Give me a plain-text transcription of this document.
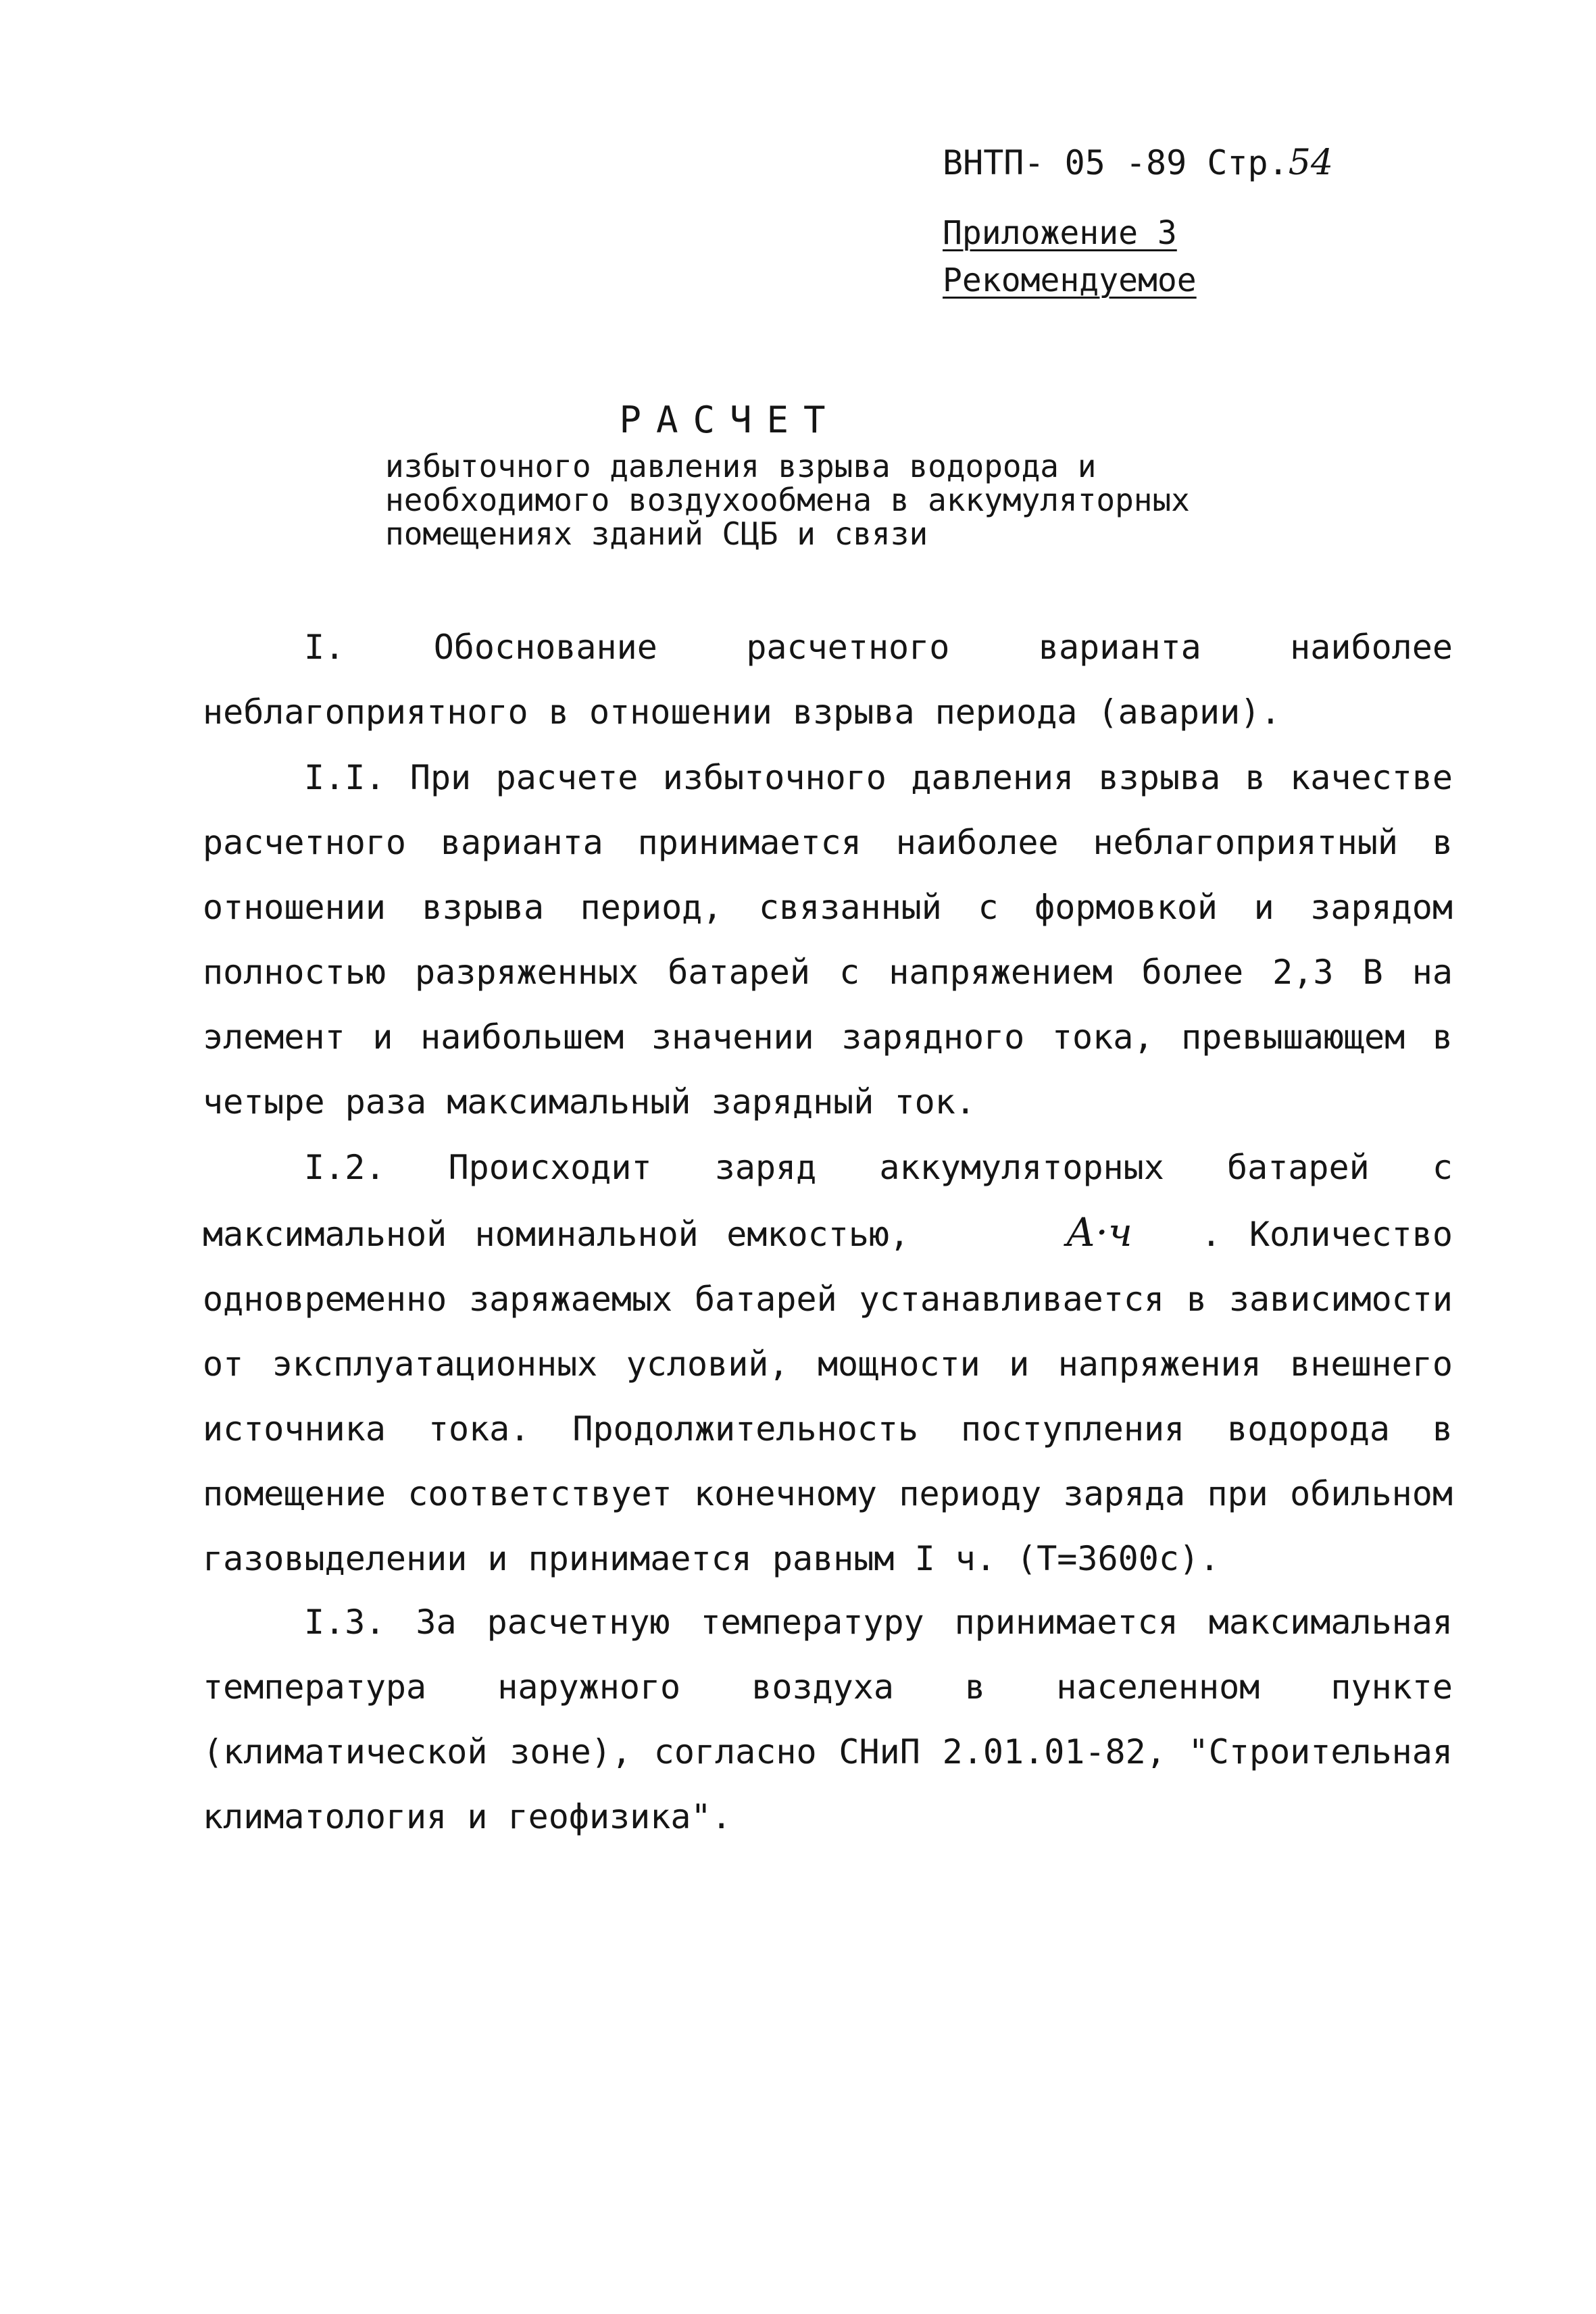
ВНТП- 05 -89 Стр.54
Приложение 3
Рекомендуемое
РАСЧЕТ
избыточного давления взрыва водорода и
необходимого воздухообмена в аккумуляторных
помещениях зданий СЦБ и связи
I. Обоснование расчетного варианта наиболее неблагоприятного в отношении взрыва периода (аварии).
I.I. При расчете избыточного давления взрыва в качестве расчетного варианта принимается наиболее неблагоприятный в отношении взрыва период, связанный с формовкой и зарядом полностью разряженных батарей с напряжением более 2,3 В на элемент и наибольшем значении зарядного тока, превышающем в четыре раза максимальный зарядный ток.
I.2. Происходит заряд аккумуляторных батарей с максимальной номинальной емкостью,	А·ч . Количество одновременно заряжаемых батарей устанавливается в зависимости от эксплуатационных условий, мощности и напряжения внешнего источника тока. Продолжительность поступления водорода в помещение соответствует конечному периоду заряда при обильном газовыделении и принимается равным I ч. (Т=3600с).
I.3. За расчетную температуру принимается максимальная температура наружного воздуха в населенном пункте (климатической зоне), согласно СНиП 2.01.01-82, "Строительная климатология и геофизика".
